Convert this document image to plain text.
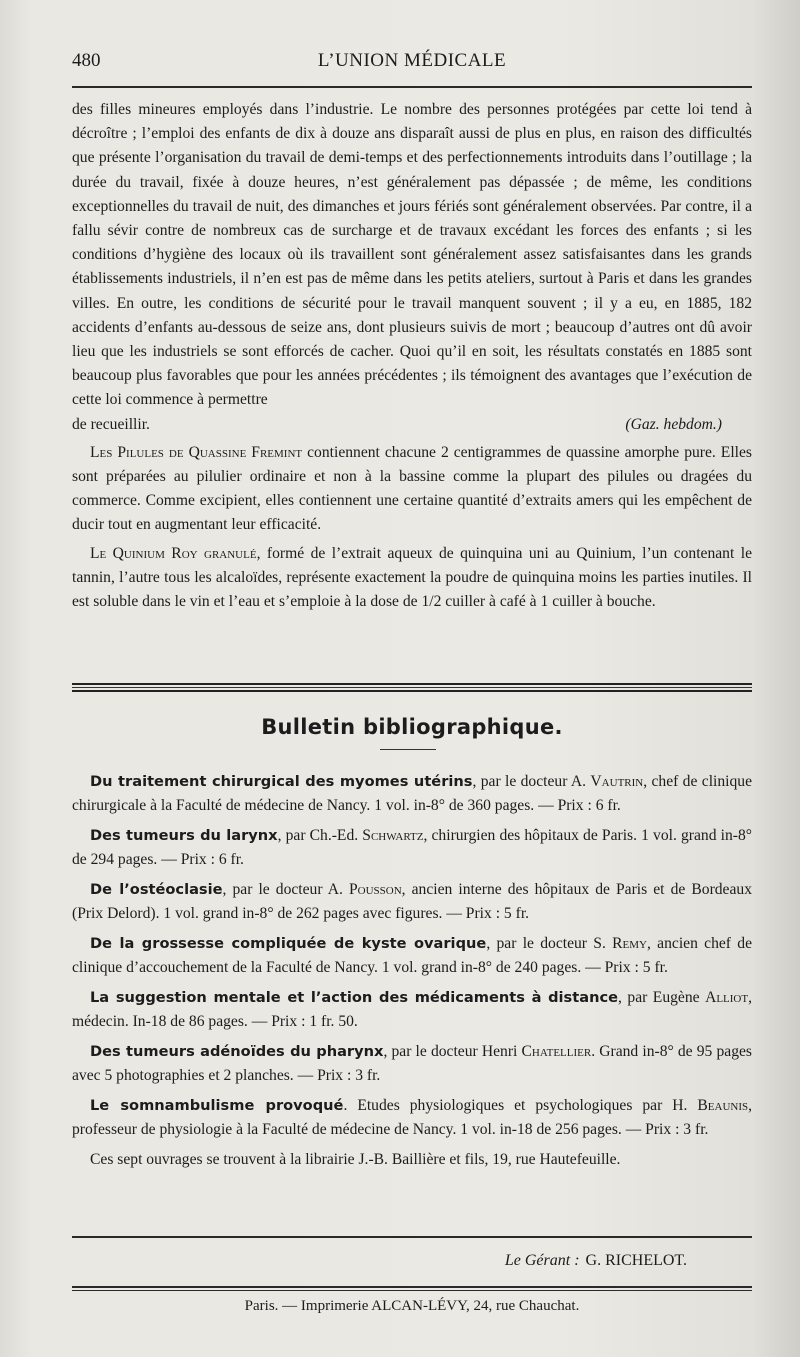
480	L’UNION MÉDICALE

des filles mineures employés dans l’industrie. Le nombre des personnes protégées par cette loi tend à décroître ; l’emploi des enfants de dix à douze ans disparaît aussi de plus en plus, en raison des difficultés que présente l’organisation du travail de demi-temps et des perfectionnements introduits dans l’outillage ; la durée du travail, fixée à douze heures, n’est généralement pas dépassée ; de même, les conditions exceptionnelles du travail de nuit, des dimanches et jours fériés sont généralement observées. Par contre, il a fallu sévir contre de nombreux cas de surcharge et de travaux excédant les forces des enfants ; si les conditions d’hygiène des locaux où ils travaillent sont généralement assez satisfaisantes dans les grands établissements industriels, il n’en est pas de même dans les petits ateliers, surtout à Paris et dans les grandes villes. En outre, les conditions de sécurité pour le travail manquent souvent ; il y a eu, en 1885, 182 accidents d’enfants au-dessous de seize ans, dont plusieurs suivis de mort ; beaucoup d’autres ont dû avoir lieu que les industriels se sont efforcés de cacher. Quoi qu’il en soit, les résultats constatés en 1885 sont beaucoup plus favorables que pour les années précédentes ; ils témoignent des avantages que l’exécution de cette loi commence à permettre

de recueillir.	(Gaz. hebdom.)

Les Pilules de Quassine Fremint contiennent chacune 2 centigrammes de quassine amorphe pure. Elles sont préparées au pilulier ordinaire et non à la bassine comme la plupart des pilules ou dragées du commerce. Comme excipient, elles contiennent une certaine quantité d’extraits amers qui les empêchent de ducir tout en augmentant leur efficacité.

Le Quinium Roy granulé, formé de l’extrait aqueux de quinquina uni au Quinium, l’un contenant le tannin, l’autre tous les alcaloïdes, représente exactement la poudre de quinquina moins les parties inutiles. Il est soluble dans le vin et l’eau et s’emploie à la dose de 1/2 cuiller à café à 1 cuiller à bouche.

Bulletin bibliographique.

Du traitement chirurgical des myomes utérins, par le docteur A. Vautrin, chef de clinique chirurgicale à la Faculté de médecine de Nancy. 1 vol. in-8° de 360 pages. — Prix : 6 fr.

Des tumeurs du larynx, par Ch.-Ed. Schwartz, chirurgien des hôpitaux de Paris. 1 vol. grand in-8° de 294 pages. — Prix : 6 fr.

De l’ostéoclasie, par le docteur A. Pousson, ancien interne des hôpitaux de Paris et de Bordeaux (Prix Delord). 1 vol. grand in-8° de 262 pages avec figures. — Prix : 5 fr.

De la grossesse compliquée de kyste ovarique, par le docteur S. Remy, ancien chef de clinique d’accouchement de la Faculté de Nancy. 1 vol. grand in-8° de 240 pages. — Prix : 5 fr.

La suggestion mentale et l’action des médicaments à distance, par Eugène Alliot, médecin. In-18 de 86 pages. — Prix : 1 fr. 50.

Des tumeurs adénoïdes du pharynx, par le docteur Henri Chatellier. Grand in-8° de 95 pages avec 5 photographies et 2 planches. — Prix : 3 fr.

Le somnambulisme provoqué. Etudes physiologiques et psychologiques par H. Beaunis, professeur de physiologie à la Faculté de médecine de Nancy. 1 vol. in-18 de 256 pages. — Prix : 3 fr.

Ces sept ouvrages se trouvent à la librairie J.-B. Baillière et fils, 19, rue Hautefeuille.

Le Gérant : G. RICHELOT.
Paris. — Imprimerie ALCAN-LÉVY, 24, rue Chauchat.
